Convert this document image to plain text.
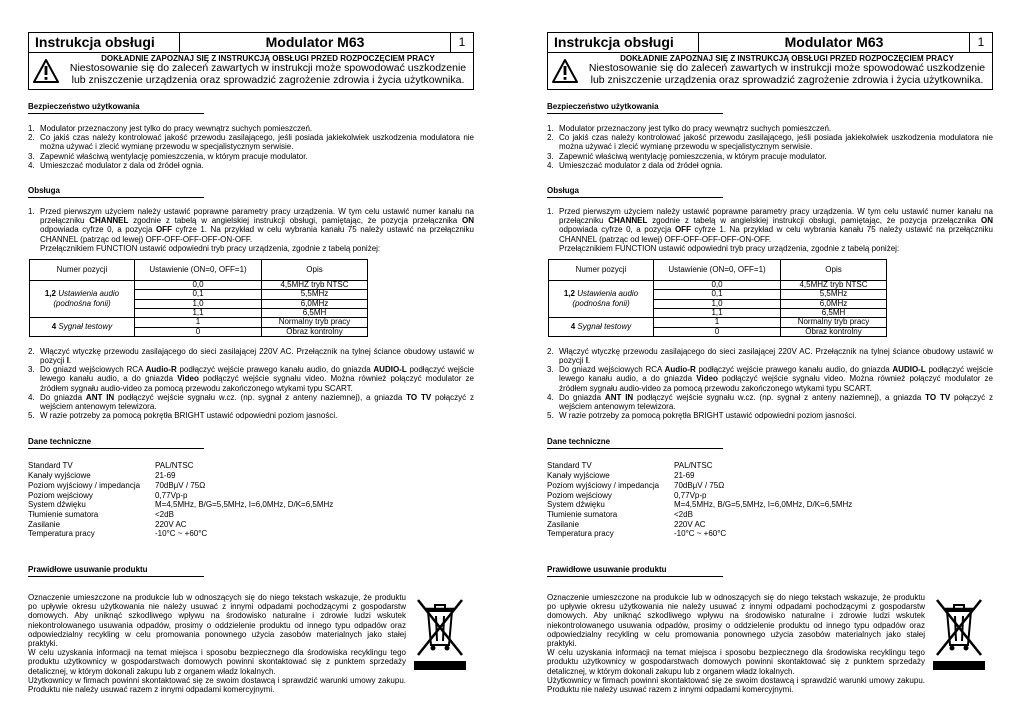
Instrukcja obsługi	Modulator M63	1
DOKŁADNIE ZAPOZNAJ SIĘ Z INSTRUKCJĄ OBSŁUGI PRZED ROZPOCZĘCIEM PRACY
Niestosowanie się do zaleceń zawartych w instrukcji może spowodować uszkodzenie
lub zniszczenie urządzenia oraz sprowadzić zagrożenie zdrowia i życia użytkownika.
Bezpieczeństwo użytkowania
1. Modulator przeznaczony jest tylko do pracy wewnątrz suchych pomieszczeń.
2. Co jakiś czas należy kontrolować jakość przewodu zasilającego, jeśli posiada jakiekolwiek uszkodzenia modulatora nie można używać i zlecić wymianę przewodu w specjalistycznym serwisie.
3. Zapewnić właściwą wentylację pomieszczenia, w którym pracuje modulator.
4. Umieszczać modulator z dala od źródeł ognia.
Obsługa
1. Przed pierwszym użyciem należy ustawić poprawne parametry pracy urządzenia. W tym celu ustawić numer kanału na przełączniku CHANNEL zgodnie z tabelą w angielskiej instrukcji obsługi, pamiętając, że pozycja przełącznika ON odpowiada cyfrze 0, a pozycja OFF cyfrze 1. Na przykład w celu wybrania kanału 75 należy ustawić na przełączniku CHANNEL (patrząc od lewej) OFF-OFF-OFF-OFF-ON-OFF.
Przełącznikiem FUNCTION ustawić odpowiedni tryb pracy urządzenia, zgodnie z tabelą poniżej:
Numer pozycji	Ustawienie (ON=0, OFF=1)	Opis
1,2 Ustawienia audio
(podnośna fonii)	0,0	4,5MHZ tryb NTSC
	0,1	5,5MHz
	1,0	6,0MHz
	1,1	6,5MH
4 Sygnał testowy	1	Normalny tryb pracy
	0	Obraz kontrolny
2. Włączyć wtyczkę przewodu zasilającego do sieci zasilającej 220V AC. Przełącznik na tylnej ściance obudowy ustawić w pozycji I.
3. Do gniazd wejściowych RCA Audio-R podłączyć wejście prawego kanału audio, do gniazda AUDIO-L podłączyć wejście lewego kanału audio, a do gniazda Video podłączyć wejście sygnału video. Można również połączyć modulator ze źródłem sygnału audio-video za pomocą przewodu zakończonego wtykami typu SCART.
4. Do gniazda ANT IN podłączyć wejście sygnału w.cz. (np. sygnał z anteny naziemnej), a gniazda TO TV połączyć z wejściem antenowym telewizora.
5. W razie potrzeby za pomocą pokrętła BRIGHT ustawić odpowiedni poziom jasności.
Dane techniczne
Standard TV	PAL/NTSC
Kanały wyjściowe	21-69
Poziom wyjściowy / impedancja	70dBμV / 75Ω
Poziom wejściowy	0,77Vp-p
System dźwięku	M=4,5MHz, B/G=5,5MHz, I=6,0MHz, D/K=6,5MHz
Tłumienie sumatora	<2dB
Zasilanie	220V AC
Temperatura pracy	-10°C ~ +60°C
Prawidłowe usuwanie produktu
Oznaczenie umieszczone na produkcie lub w odnoszących się do niego tekstach wskazuje, że produktu po upływie okresu użytkowania nie należy usuwać z innymi odpadami pochodzącymi z gospodarstw domowych. Aby uniknąć szkodliwego wpływu na środowisko naturalne i zdrowie ludzi wskutek niekontrolowanego usuwania odpadów, prosimy o oddzielenie produktu od innego typu odpadów oraz odpowiedzialny recykling w celu promowania ponownego użycia zasobów materialnych jako stałej praktyki.
W celu uzyskania informacji na temat miejsca i sposobu bezpiecznego dla środowiska recyklingu tego produktu użytkownicy w gospodarstwach domowych powinni skontaktować się z punktem sprzedaży detalicznej, w którym dokonali zakupu lub z organem władz lokalnych.
Użytkownicy w firmach powinni skontaktować się ze swoim dostawcą i sprawdzić warunki umowy zakupu. Produktu nie należy usuwać razem z innymi odpadami komercyjnymi.
Instrukcja obsługi	Modulator M63	1
DOKŁADNIE ZAPOZNAJ SIĘ Z INSTRUKCJĄ OBSŁUGI PRZED ROZPOCZĘCIEM PRACY
Niestosowanie się do zaleceń zawartych w instrukcji może spowodować uszkodzenie
lub zniszczenie urządzenia oraz sprowadzić zagrożenie zdrowia i życia użytkownika.
Bezpieczeństwo użytkowania
1. Modulator przeznaczony jest tylko do pracy wewnątrz suchych pomieszczeń.
2. Co jakiś czas należy kontrolować jakość przewodu zasilającego, jeśli posiada jakiekolwiek uszkodzenia modulatora nie można używać i zlecić wymianę przewodu w specjalistycznym serwisie.
3. Zapewnić właściwą wentylację pomieszczenia, w którym pracuje modulator.
4. Umieszczać modulator z dala od źródeł ognia.
Obsługa
1. Przed pierwszym użyciem należy ustawić poprawne parametry pracy urządzenia. W tym celu ustawić numer kanału na przełączniku CHANNEL zgodnie z tabelą w angielskiej instrukcji obsługi, pamiętając, że pozycja przełącznika ON odpowiada cyfrze 0, a pozycja OFF cyfrze 1. Na przykład w celu wybrania kanału 75 należy ustawić na przełączniku CHANNEL (patrząc od lewej) OFF-OFF-OFF-OFF-ON-OFF.
Przełącznikiem FUNCTION ustawić odpowiedni tryb pracy urządzenia, zgodnie z tabelą poniżej:
Numer pozycji	Ustawienie (ON=0, OFF=1)	Opis
1,2 Ustawienia audio
(podnośna fonii)	0,0	4,5MHZ tryb NTSC
	0,1	5,5MHz
	1,0	6,0MHz
	1,1	6,5MH
4 Sygnał testowy	1	Normalny tryb pracy
	0	Obraz kontrolny
2. Włączyć wtyczkę przewodu zasilającego do sieci zasilającej 220V AC. Przełącznik na tylnej ściance obudowy ustawić w pozycji I.
3. Do gniazd wejściowych RCA Audio-R podłączyć wejście prawego kanału audio, do gniazda AUDIO-L podłączyć wejście lewego kanału audio, a do gniazda Video podłączyć wejście sygnału video. Można również połączyć modulator ze źródłem sygnału audio-video za pomocą przewodu zakończonego wtykami typu SCART.
4. Do gniazda ANT IN podłączyć wejście sygnału w.cz. (np. sygnał z anteny naziemnej), a gniazda TO TV połączyć z wejściem antenowym telewizora.
5. W razie potrzeby za pomocą pokrętła BRIGHT ustawić odpowiedni poziom jasności.
Dane techniczne
Standard TV	PAL/NTSC
Kanały wyjściowe	21-69
Poziom wyjściowy / impedancja	70dBμV / 75Ω
Poziom wejściowy	0,77Vp-p
System dźwięku	M=4,5MHz, B/G=5,5MHz, I=6,0MHz, D/K=6,5MHz
Tłumienie sumatora	<2dB
Zasilanie	220V AC
Temperatura pracy	-10°C ~ +60°C
Prawidłowe usuwanie produktu
Oznaczenie umieszczone na produkcie lub w odnoszących się do niego tekstach wskazuje, że produktu po upływie okresu użytkowania nie należy usuwać z innymi odpadami pochodzącymi z gospodarstw domowych. Aby uniknąć szkodliwego wpływu na środowisko naturalne i zdrowie ludzi wskutek niekontrolowanego usuwania odpadów, prosimy o oddzielenie produktu od innego typu odpadów oraz odpowiedzialny recykling w celu promowania ponownego użycia zasobów materialnych jako stałej praktyki.
W celu uzyskania informacji na temat miejsca i sposobu bezpiecznego dla środowiska recyklingu tego produktu użytkownicy w gospodarstwach domowych powinni skontaktować się z punktem sprzedaży detalicznej, w którym dokonali zakupu lub z organem władz lokalnych.
Użytkownicy w firmach powinni skontaktować się ze swoim dostawcą i sprawdzić warunki umowy zakupu. Produktu nie należy usuwać razem z innymi odpadami komercyjnymi.
